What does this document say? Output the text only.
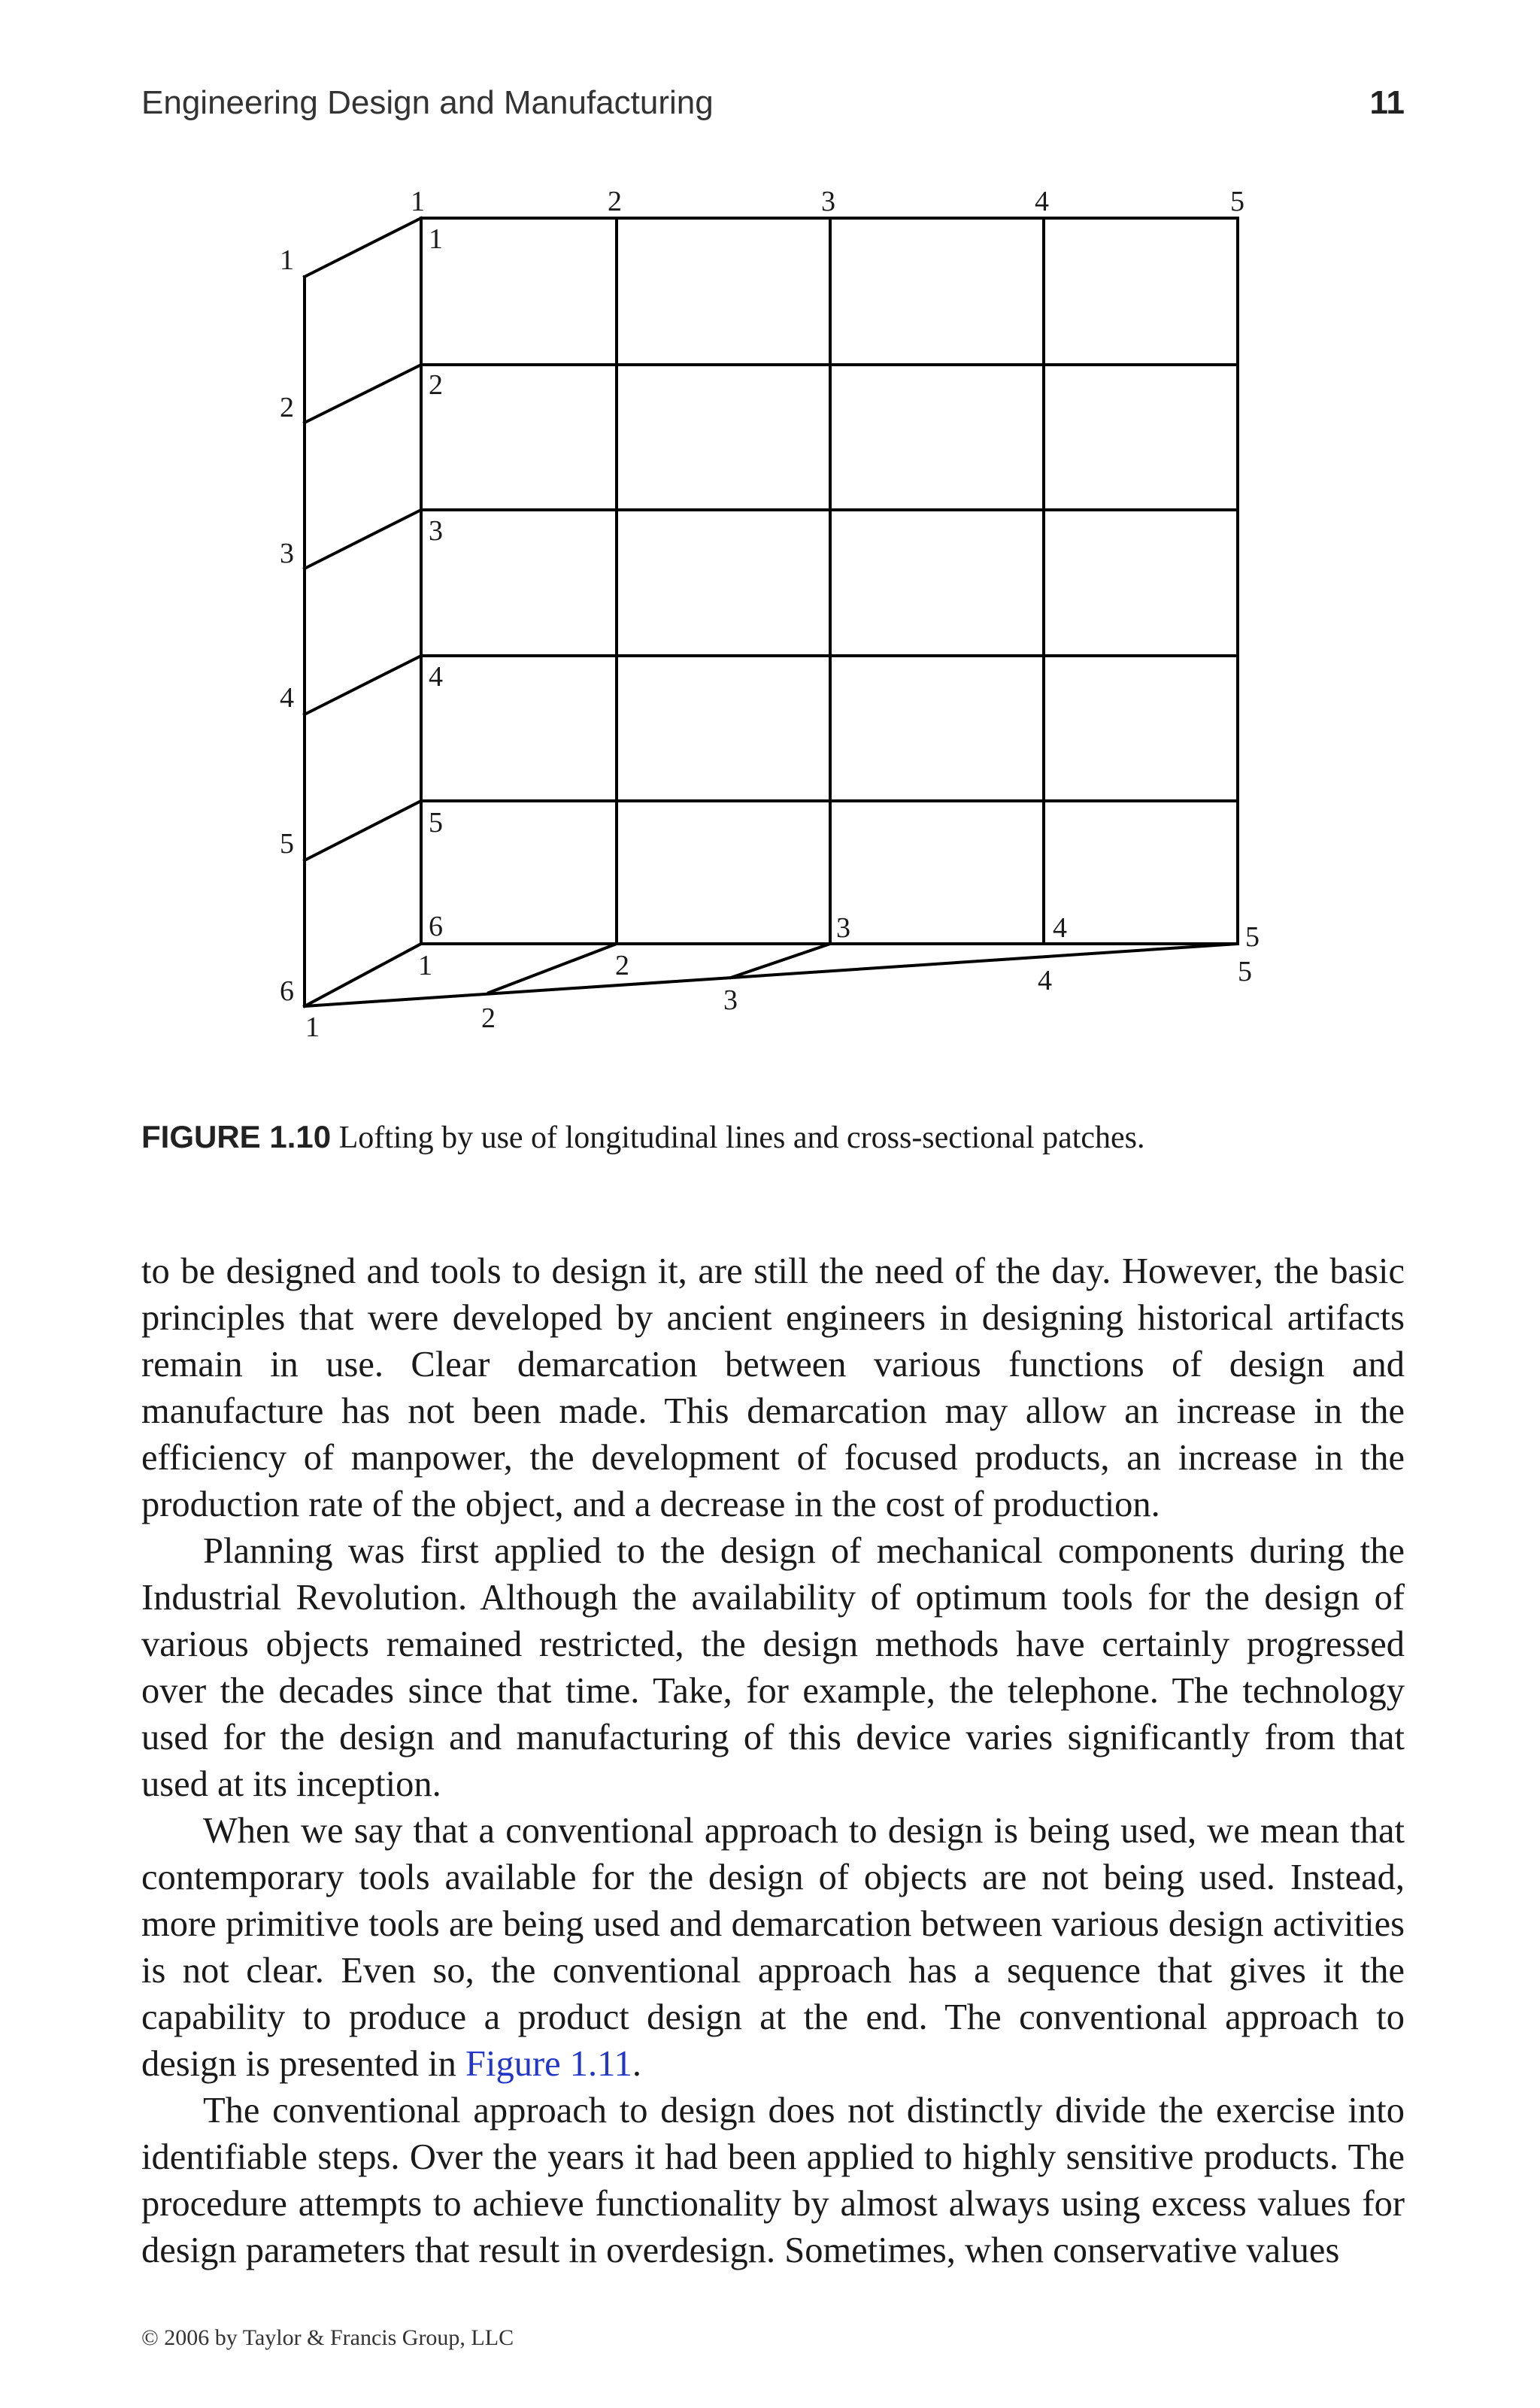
Engineering Design and Manufacturing	11
1	2	3	4	5
1
2
3
4
5
6
1
2
3
4
5
6	3	4	5
1	2	4	5
1	2
3
FIGURE 1.10 Lofting by use of longitudinal lines and cross-sectional patches.

to be designed and tools to design it, are still the need of the day. However, the basic principles that were developed by ancient engineers in designing historical artifacts remain in use. Clear demarcation between various functions of design and manufacture has not been made. This demarcation may allow an increase in the efficiency of manpower, the development of focused products, an increase in the production rate of the object, and a decrease in the cost of production.

Planning was first applied to the design of mechanical components during the Industrial Revolution. Although the availability of optimum tools for the design of various objects remained restricted, the design methods have certainly progressed over the decades since that time. Take, for example, the telephone. The technology used for the design and manufacturing of this device varies significantly from that used at its inception.

When we say that a conventional approach to design is being used, we mean that contemporary tools available for the design of objects are not being used. Instead, more primitive tools are being used and demarcation between various design activities is not clear. Even so, the conventional approach has a sequence that gives it the capability to produce a product design at the end. The conventional approach to design is presented in Figure 1.11.

The conventional approach to design does not distinctly divide the exercise into identifiable steps. Over the years it had been applied to highly sensitive products. The procedure attempts to achieve functionality by almost always using excess values for design parameters that result in overdesign. Sometimes, when conservative values

© 2006 by Taylor & Francis Group, LLC
